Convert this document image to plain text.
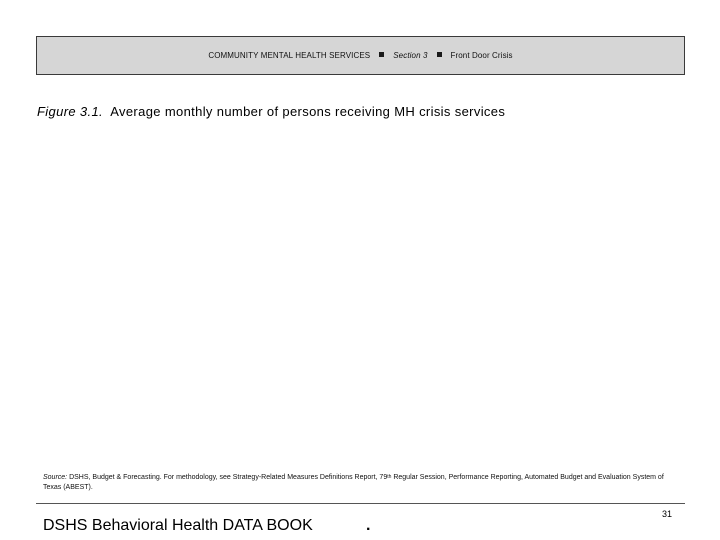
COMMUNITY MENTAL HEALTH SERVICES	Section 3	Front Door Crisis
Figure 3.1. Average monthly number of persons receiving MH crisis services
Source: DSHS, Budget & Forecasting. For methodology, see Strategy-Related Measures Definitions Report, 79th Regular Session, Performance Reporting, Automated Budget and Evaluation System of Texas (ABEST).
31
DSHS Behavioral Health DATA BOOK	.
